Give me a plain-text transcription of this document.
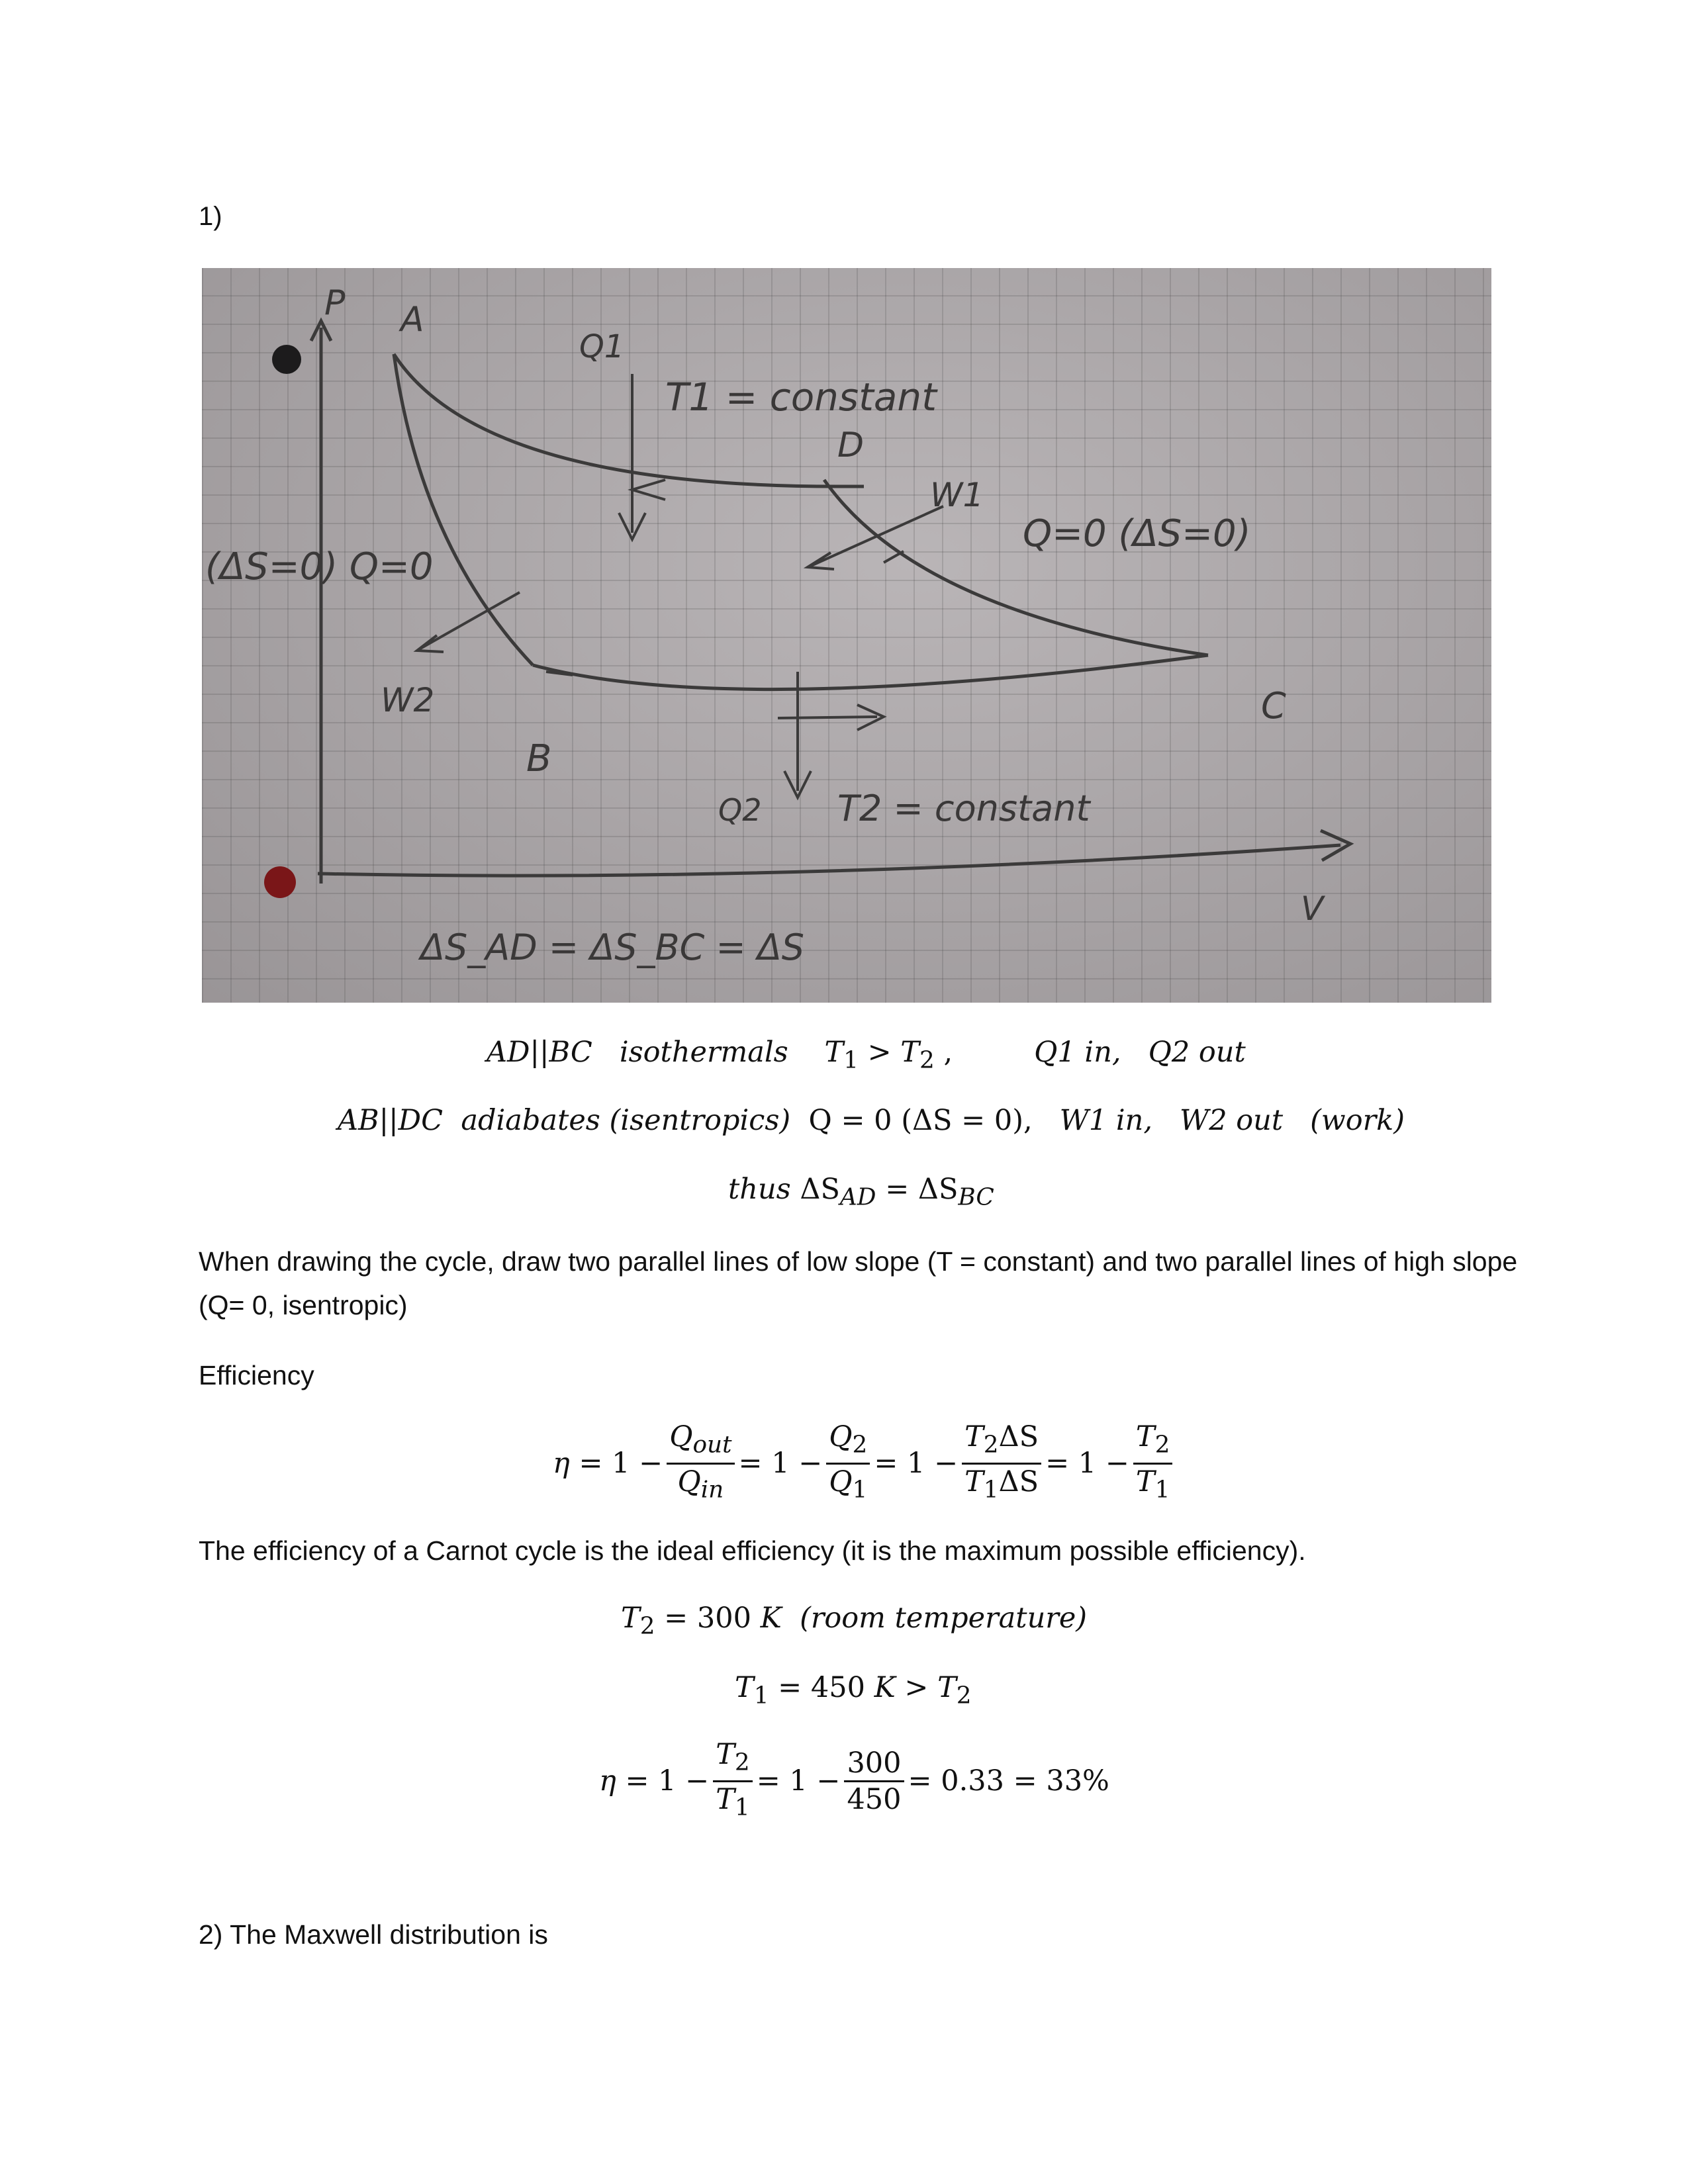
1)
P A
Q1
T1 = constant
D
W1
Q=0 (ΔS=0)
(ΔS=0) Q=0
W2
B
C
Q2 T2 = constant
V
ΔS_AD = ΔS_BC = ΔS
AD||BC isothermals $T_1 > T_2$ ,	Q1 in, Q2 out
AB||DC adiabates (isentropics) Q = 0 (ΔS = 0), W1 in, W2 out (work)
thus $\Delta S_{AD} = \Delta S_{BC}$
When drawing the cycle, draw two parallel lines of low slope (T = constant) and two parallel lines of high slope (Q= 0, isentropic)
Efficiency
η
= $1 - \frac{Q_{out}}{Q_{in}} = 1 - \frac{Q_2}{Q_1} = 1 - \frac{T_2\Delta S}{T_1\Delta S} = 1 - \frac{T_2}{T_1}$
The efficiency of a Carnot cycle is the ideal efficiency (it is the maximum possible efficiency).
$T_2 = 300$ K (room temperature)
$T_1 = 450$ $K > T_2$
η
= $1 - \frac{T_2}{T_1} = 1 - \frac{300}{450} = 0.33 = 33\%$
2) The Maxwell distribution is
